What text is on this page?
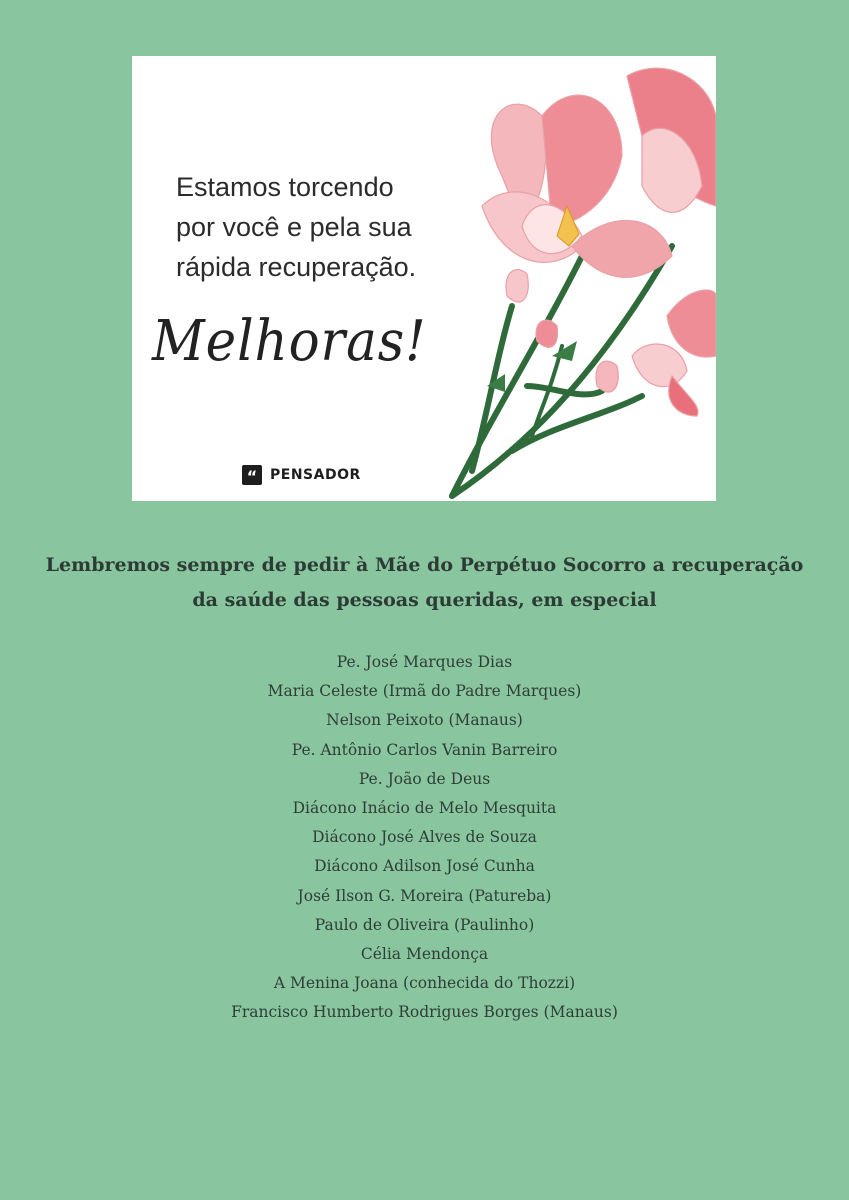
Estamos torcendo
por você e pela sua
rápida recuperação.
Melhoras!
“ PENSADOR
Lembremos sempre de pedir à Mãe do Perpétuo Socorro a recuperação
da saúde das pessoas queridas, em especial
Pe. José Marques Dias
Maria Celeste (Irmã do Padre Marques)
Nelson Peixoto (Manaus)
Pe. Antônio Carlos Vanin Barreiro
Pe. João de Deus
Diácono Inácio de Melo Mesquita
Diácono José Alves de Souza
Diácono Adilson José Cunha
José Ilson G. Moreira (Patureba)
Paulo de Oliveira (Paulinho)
Célia Mendonça
A Menina Joana (conhecida do Thozzi)
Francisco Humberto Rodrigues Borges (Manaus)
